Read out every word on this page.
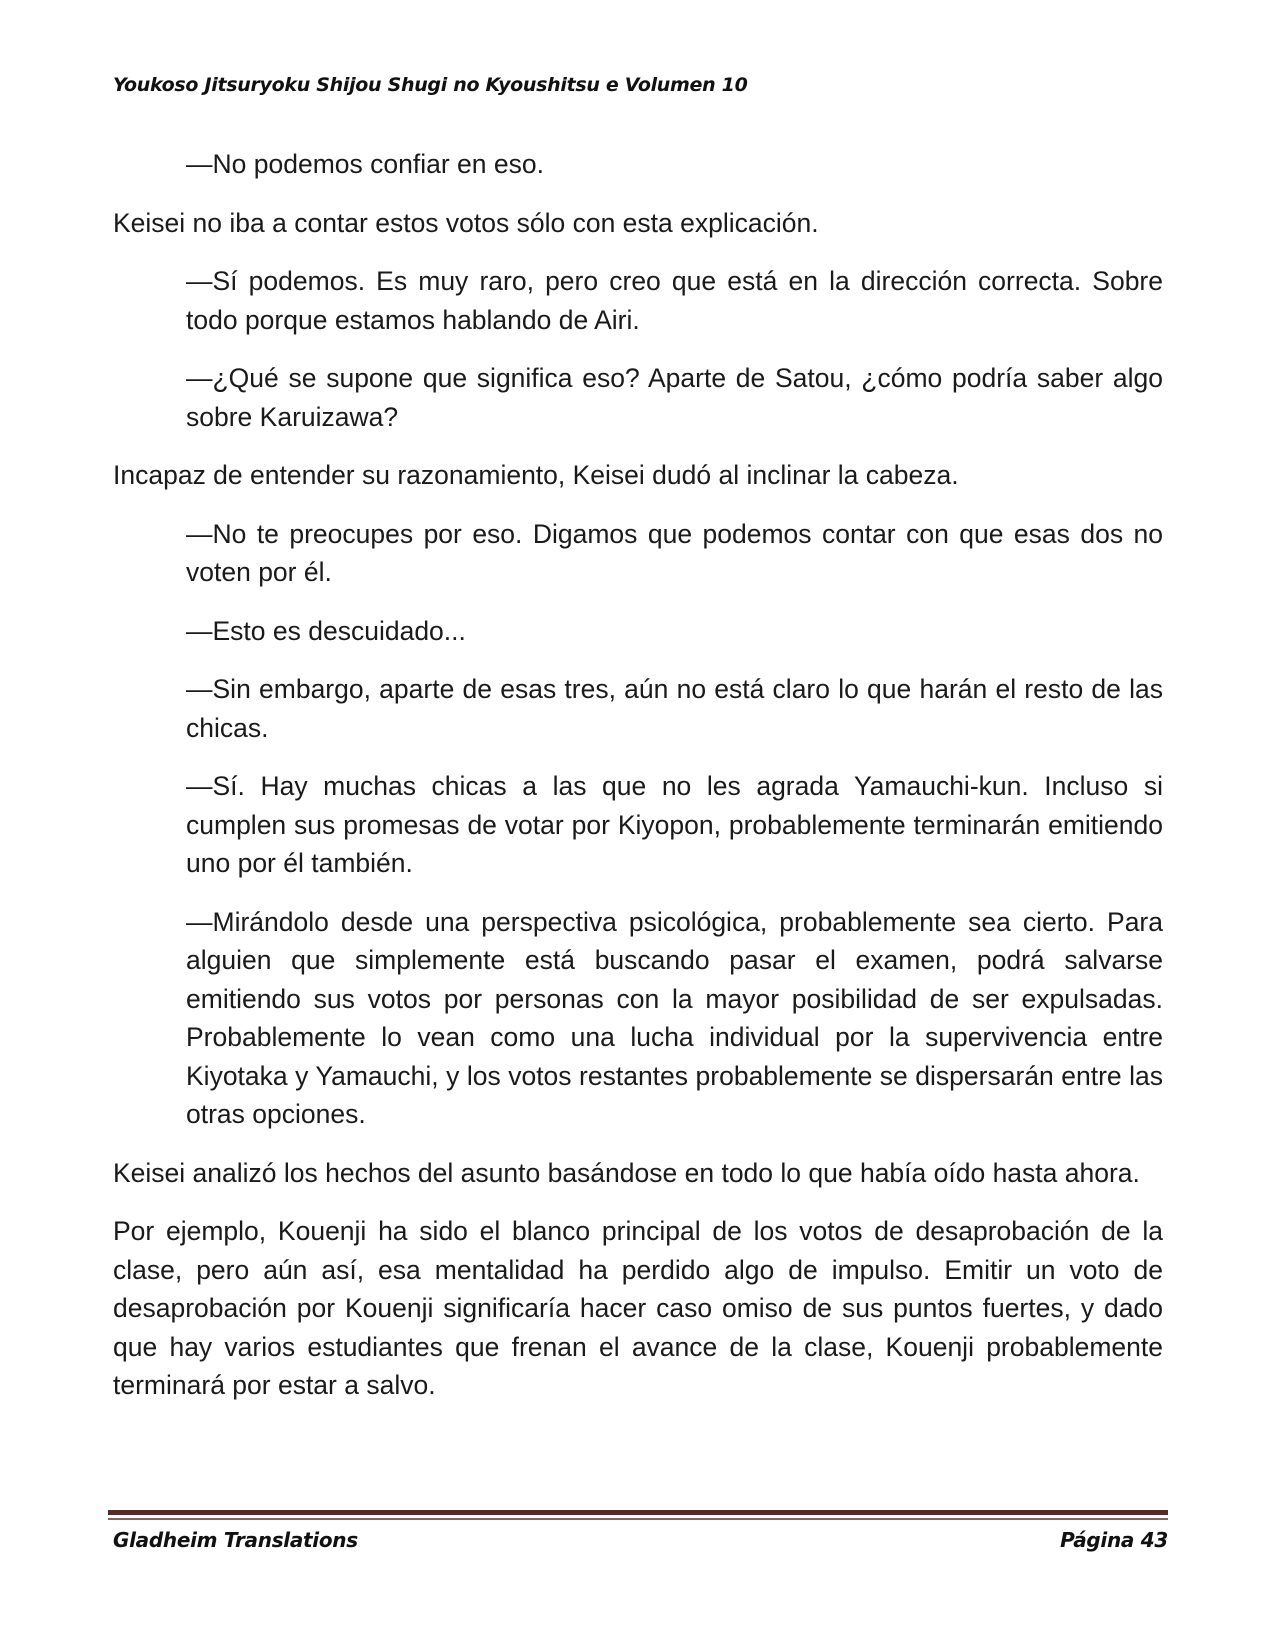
Youkoso Jitsuryoku Shijou Shugi no Kyoushitsu e Volumen 10

—No podemos confiar en eso.

Keisei no iba a contar estos votos sólo con esta explicación.

—Sí podemos. Es muy raro, pero creo que está en la dirección correcta. Sobre todo porque estamos hablando de Airi.

—¿Qué se supone que significa eso? Aparte de Satou, ¿cómo podría saber algo sobre Karuizawa?

Incapaz de entender su razonamiento, Keisei dudó al inclinar la cabeza.

—No te preocupes por eso. Digamos que podemos contar con que esas dos no voten por él.

—Esto es descuidado...

—Sin embargo, aparte de esas tres, aún no está claro lo que harán el resto de las chicas.

—Sí. Hay muchas chicas a las que no les agrada Yamauchi-kun. Incluso si cumplen sus promesas de votar por Kiyopon, probablemente terminarán emitiendo uno por él también.

—Mirándolo desde una perspectiva psicológica, probablemente sea cierto. Para alguien que simplemente está buscando pasar el examen, podrá salvarse emitiendo sus votos por personas con la mayor posibilidad de ser expulsadas. Probablemente lo vean como una lucha individual por la supervivencia entre Kiyotaka y Yamauchi, y los votos restantes probablemente se dispersarán entre las otras opciones.

Keisei analizó los hechos del asunto basándose en todo lo que había oído hasta ahora.

Por ejemplo, Kouenji ha sido el blanco principal de los votos de desaprobación de la clase, pero aún así, esa mentalidad ha perdido algo de impulso. Emitir un voto de desaprobación por Kouenji significaría hacer caso omiso de sus puntos fuertes, y dado que hay varios estudiantes que frenan el avance de la clase, Kouenji probablemente terminará por estar a salvo.

Gladheim Translations	Página 43
